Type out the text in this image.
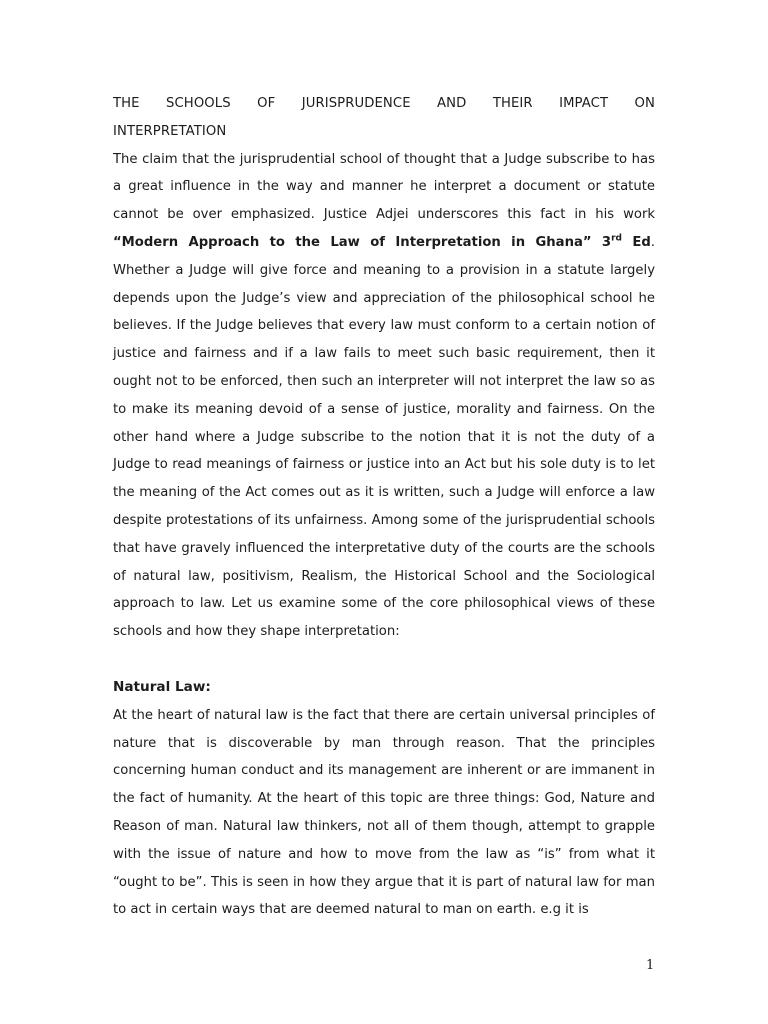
THE SCHOOLS OF JURISPRUDENCE AND THEIR IMPACT ON INTERPRETATION

The claim that the jurisprudential school of thought that a Judge subscribe to has a great influence in the way and manner he interpret a document or statute cannot be over emphasized. Justice Adjei underscores this fact in his work “Modern Approach to the Law of Interpretation in Ghana” 3rd Ed. Whether a Judge will give force and meaning to a provision in a statute largely depends upon the Judge’s view and appreciation of the philosophical school he believes. If the Judge believes that every law must conform to a certain notion of justice and fairness and if a law fails to meet such basic requirement, then it ought not to be enforced, then such an interpreter will not interpret the law so as to make its meaning devoid of a sense of justice, morality and fairness. On the other hand where a Judge subscribe to the notion that it is not the duty of a Judge to read meanings of fairness or justice into an Act but his sole duty is to let the meaning of the Act comes out as it is written, such a Judge will enforce a law despite protestations of its unfairness. Among some of the jurisprudential schools that have gravely influenced the interpretative duty of the courts are the schools of natural law, positivism, Realism, the Historical School and the Sociological approach to law. Let us examine some of the core philosophical views of these schools and how they shape interpretation:

Natural Law:

At the heart of natural law is the fact that there are certain universal principles of nature that is discoverable by man through reason. That the principles concerning human conduct and its management are inherent or are immanent in the fact of humanity. At the heart of this topic are three things: God, Nature and Reason of man. Natural law thinkers, not all of them though, attempt to grapple with the issue of nature and how to move from the law as “is” from what it “ought to be”. This is seen in how they argue that it is part of natural law for man to act in certain ways that are deemed natural to man on earth. e.g it is

1
